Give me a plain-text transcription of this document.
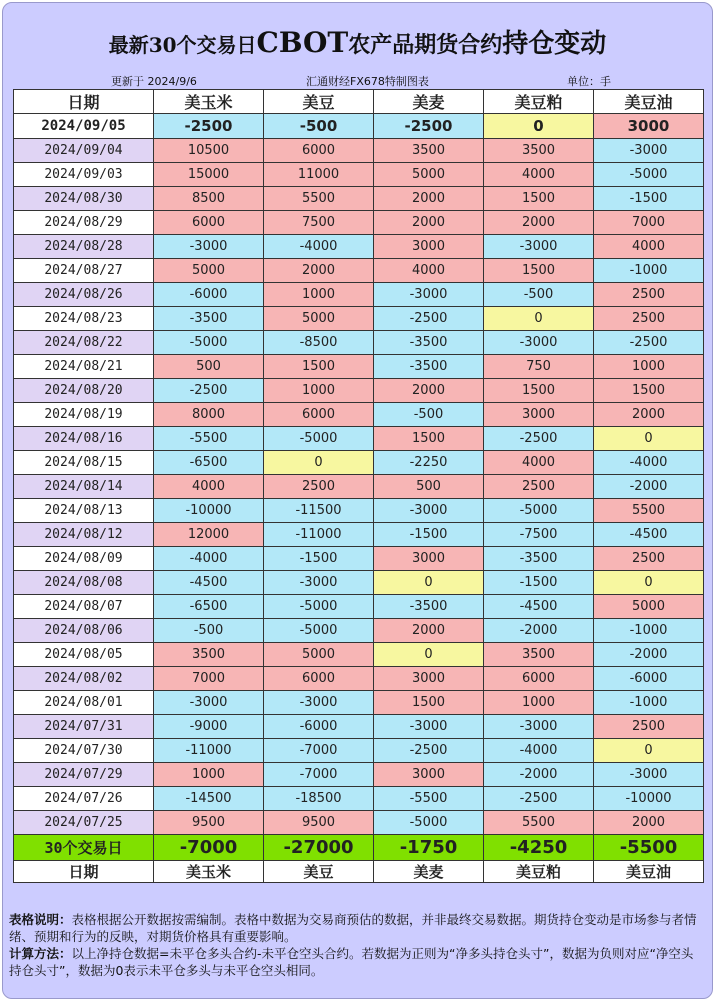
最新30个交易日CBOT农产品期货合约持仓变动
更新于 2024/9/6	汇通财经FX678特制图表	单位：手
日期	美玉米	美豆	美麦	美豆粕	美豆油
2024/09/05	-2500	-500	-2500	0	3000
2024/09/04	10500	6000	3500	3500	-3000
2024/09/03	15000	11000	5000	4000	-5000
2024/08/30	8500	5500	2000	1500	-1500
2024/08/29	6000	7500	2000	2000	7000
2024/08/28	-3000	-4000	3000	-3000	4000
2024/08/27	5000	2000	4000	1500	-1000
2024/08/26	-6000	1000	-3000	-500	2500
2024/08/23	-3500	5000	-2500	0	2500
2024/08/22	-5000	-8500	-3500	-3000	-2500
2024/08/21	500	1500	-3500	750	1000
2024/08/20	-2500	1000	2000	1500	1500
2024/08/19	8000	6000	-500	3000	2000
2024/08/16	-5500	-5000	1500	-2500	0
2024/08/15	-6500	0	-2250	4000	-4000
2024/08/14	4000	2500	500	2500	-2000
2024/08/13	-10000	-11500	-3000	-5000	5500
2024/08/12	12000	-11000	-1500	-7500	-4500
2024/08/09	-4000	-1500	3000	-3500	2500
2024/08/08	-4500	-3000	0	-1500	0
2024/08/07	-6500	-5000	-3500	-4500	5000
2024/08/06	-500	-5000	2000	-2000	-1000
2024/08/05	3500	5000	0	3500	-2000
2024/08/02	7000	6000	3000	6000	-6000
2024/08/01	-3000	-3000	1500	1000	-1000
2024/07/31	-9000	-6000	-3000	-3000	2500
2024/07/30	-11000	-7000	-2500	-4000	0
2024/07/29	1000	-7000	3000	-2000	-3000
2024/07/26	-14500	-18500	-5500	-2500	-10000
2024/07/25	9500	9500	-5000	5500	2000
30个交易日	-7000	-27000	-1750	-4250	-5500
日期	美玉米	美豆	美麦	美豆粕	美豆油
表格说明：表格根据公开数据按需编制。表格中数据为交易商预估的数据，并非最终交易数据。期货持仓变动是市场参与者情绪、预期和行为的反映，对期货价格具有重要影响。
计算方法：以上净持仓数据=未平仓多头合约-未平仓空头合约。若数据为正则为“净多头持仓头寸”，数据为负则对应“净空头持仓头寸”，数据为0表示未平仓多头与未平仓空头相同。
